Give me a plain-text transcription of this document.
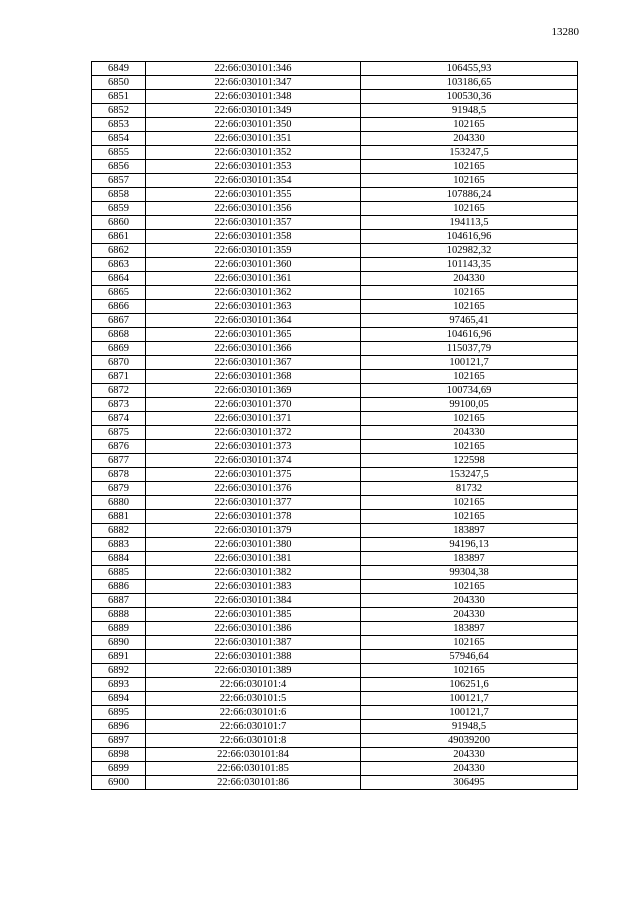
13280
6849	22:66:030101:346	106455,93
6850	22:66:030101:347	103186,65
6851	22:66:030101:348	100530,36
6852	22:66:030101:349	91948,5
6853	22:66:030101:350	102165
6854	22:66:030101:351	204330
6855	22:66:030101:352	153247,5
6856	22:66:030101:353	102165
6857	22:66:030101:354	102165
6858	22:66:030101:355	107886,24
6859	22:66:030101:356	102165
6860	22:66:030101:357	194113,5
6861	22:66:030101:358	104616,96
6862	22:66:030101:359	102982,32
6863	22:66:030101:360	101143,35
6864	22:66:030101:361	204330
6865	22:66:030101:362	102165
6866	22:66:030101:363	102165
6867	22:66:030101:364	97465,41
6868	22:66:030101:365	104616,96
6869	22:66:030101:366	115037,79
6870	22:66:030101:367	100121,7
6871	22:66:030101:368	102165
6872	22:66:030101:369	100734,69
6873	22:66:030101:370	99100,05
6874	22:66:030101:371	102165
6875	22:66:030101:372	204330
6876	22:66:030101:373	102165
6877	22:66:030101:374	122598
6878	22:66:030101:375	153247,5
6879	22:66:030101:376	81732
6880	22:66:030101:377	102165
6881	22:66:030101:378	102165
6882	22:66:030101:379	183897
6883	22:66:030101:380	94196,13
6884	22:66:030101:381	183897
6885	22:66:030101:382	99304,38
6886	22:66:030101:383	102165
6887	22:66:030101:384	204330
6888	22:66:030101:385	204330
6889	22:66:030101:386	183897
6890	22:66:030101:387	102165
6891	22:66:030101:388	57946,64
6892	22:66:030101:389	102165
6893	22:66:030101:4	106251,6
6894	22:66:030101:5	100121,7
6895	22:66:030101:6	100121,7
6896	22:66:030101:7	91948,5
6897	22:66:030101:8	49039200
6898	22:66:030101:84	204330
6899	22:66:030101:85	204330
6900	22:66:030101:86	306495
